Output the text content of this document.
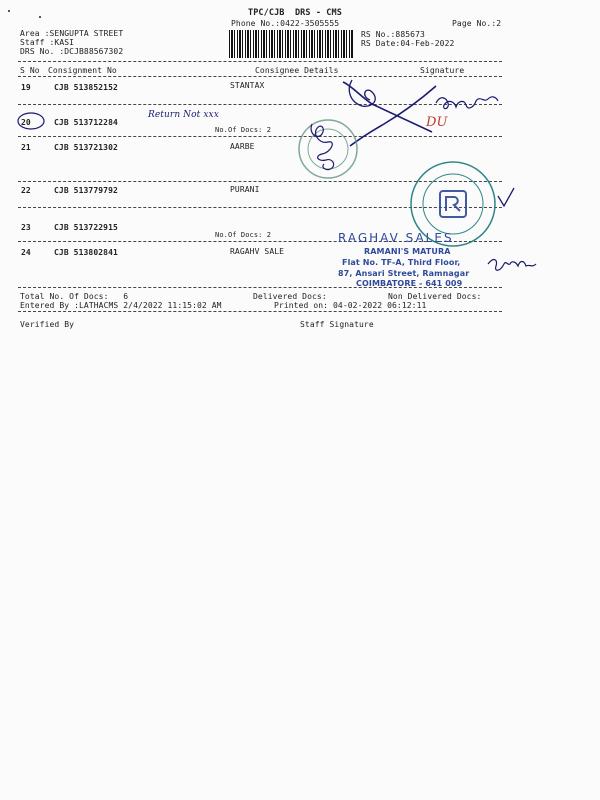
TPC/CJB  DRS - CMS
Phone No.:0422-3505555	Page No.:2
Area :SENGUPTA STREET
Staff :KASI
DRS No. :DCJB88567302
RS No.:885673
RS Date:04-Feb-2022
S No Consignment No	Consignee Details	Signature
19	CJB 513852152	STANTAX
20	CJB 513712284
No.Of Docs: 2
21	CJB 513721302	AARBE
22	CJB 513779792	PURANI
23	CJB 513722915
No.Of Docs: 2
24	CJB 513802841	RAGAHV SALE
Total No. Of Docs:   6	Delivered Docs:	Non Delivered Docs:
Entered By :LATHACMS 2/4/2022 11:15:02 AM	Printed on: 04-02-2022 06:12:11
Verified By	Staff Signature
RAGHAV SALES
RAMANI'S MATURA
Flat No. TF-A, Third Floor,
87, Ansari Street, Ramnagar
COIMBATORE - 641 009
Return Not xxx	DU
